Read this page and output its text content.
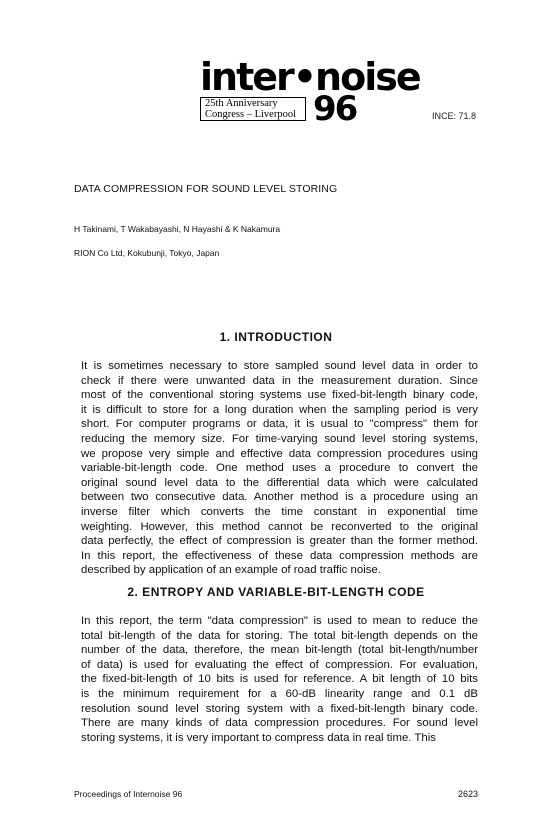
inter•noise
25th Anniversary
Congress – Liverpool 96	INCE: 71.8
DATA COMPRESSION FOR SOUND LEVEL STORING
H Takinami, T Wakabayashi, N Hayashi & K Nakamura
RION Co Ltd, Kokubunji, Tokyo, Japan
1. INTRODUCTION
It is sometimes necessary to store sampled sound level data in order to
check if there were unwanted data in the measurement duration. Since
most of the conventional storing systems use fixed-bit-length binary code,
it is difficult to store for a long duration when the sampling period is very
short. For computer programs or data, it is usual to "compress" them for
reducing the memory size. For time-varying sound level storing systems,
we propose very simple and effective data compression procedures using
variable-bit-length code. One method uses a procedure to convert the
original sound level data to the differential data which were calculated
between two consecutive data. Another method is a procedure using an
inverse filter which converts the time constant in exponential time
weighting. However, this method cannot be reconverted to the original
data perfectly, the effect of compression is greater than the former method.
In this report, the effectiveness of these data compression methods are
described by application of an example of road traffic noise.
2. ENTROPY AND VARIABLE-BIT-LENGTH CODE
In this report, the term "data compression" is used to mean to reduce the
total bit-length of the data for storing. The total bit-length depends on the
number of the data, therefore, the mean bit-length (total bit-length/number
of data) is used for evaluating the effect of compression. For evaluation,
the fixed-bit-length of 10 bits is used for reference. A bit length of 10 bits
is the minimum requirement for a 60-dB linearity range and 0.1 dB
resolution sound level storing system with a fixed-bit-length binary code.
There are many kinds of data compression procedures. For sound level
storing systems, it is very important to compress data in real time. This
Proceedings of Internoise 96	2623
